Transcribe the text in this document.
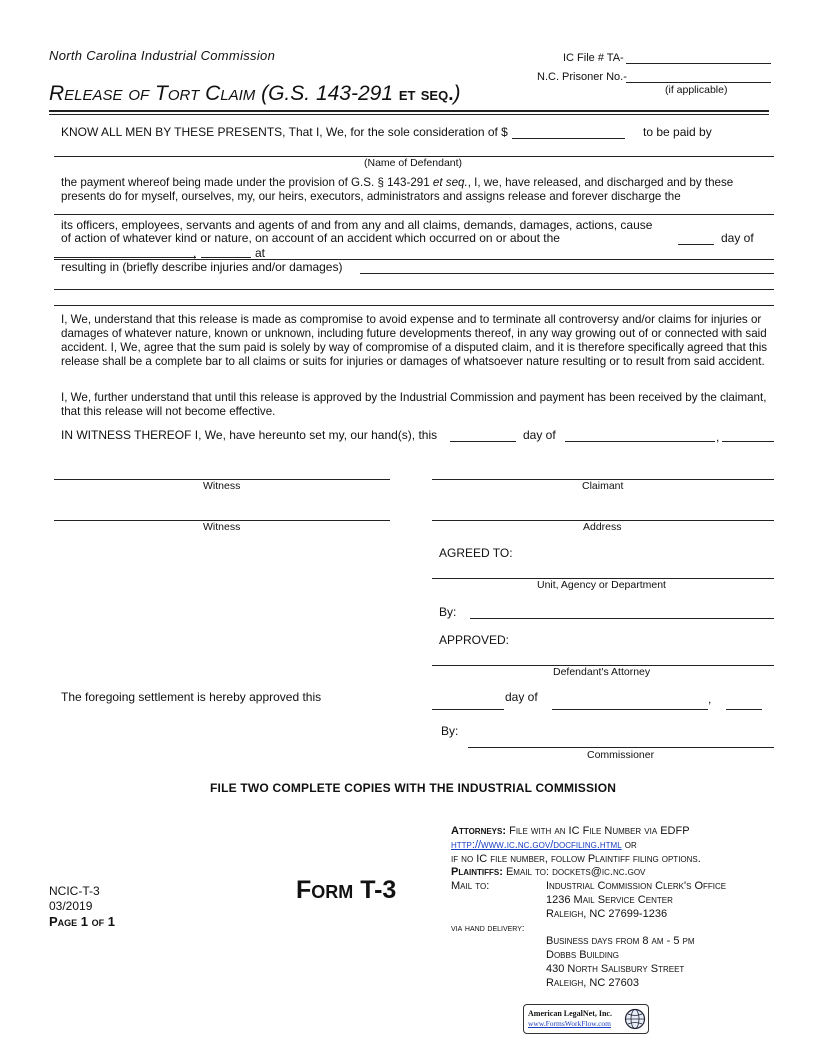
North Carolina Industrial Commission
Release of Tort Claim (G.S. 143-291 et seq.)
IC File # TA-
N.C. Prisoner No.-
(if applicable)
KNOW ALL MEN BY THESE PRESENTS, That I, We, for the sole consideration of $	to be paid by
(Name of Defendant)
the payment whereof being made under the provision of G.S. § 143-291 et seq., I, we, have released, and discharged and by these presents do for myself, ourselves, my, our heirs, executors, administrators and assigns release and forever discharge the
its officers, employees, servants and agents of and from any and all claims, demands, damages, actions, cause
of action of whatever kind or nature, on account of an accident which occurred on or about the	day of
,	at
resulting in (briefly describe injuries and/or damages)
I, We, understand that this release is made as compromise to avoid expense and to terminate all controversy and/or claims for injuries or damages of whatever nature, known or unknown, including future developments thereof, in any way growing out of or connected with said accident. I, We, agree that the sum paid is solely by way of compromise of a disputed claim, and it is therefore specifically agreed that this release shall be a complete bar to all claims or suits for injuries or damages of whatsoever nature resulting or to result from said accident.
I, We, further understand that until this release is approved by the Industrial Commission and payment has been received by the claimant, that this release will not become effective.
IN WITNESS THEREOF I, We, have hereunto set my, our hand(s), this	day of	,
Witness	Claimant
Witness	Address
AGREED TO:
Unit, Agency or Department
By:
APPROVED:
Defendant's Attorney
The foregoing settlement is hereby approved this	day of	,
By:
Commissioner
FILE TWO COMPLETE COPIES WITH THE INDUSTRIAL COMMISSION
NCIC-T-3
03/2019
Page 1 of 1
Form T-3
Attorneys: File with an IC File Number via EDFP
http://www.ic.nc.gov/docfiling.html or
if no IC file number, follow Plaintiff filing options.
Plaintiffs: Email to: dockets@ic.nc.gov
Mail to:	Industrial Commission Clerk's Office
1236 Mail Service Center
Raleigh, NC 27699-1236
via hand delivery:
Business days from 8 am - 5 pm
Dobbs Building
430 North Salisbury Street
Raleigh, NC 27603
American LegalNet, Inc.
www.FormsWorkFlow.com
